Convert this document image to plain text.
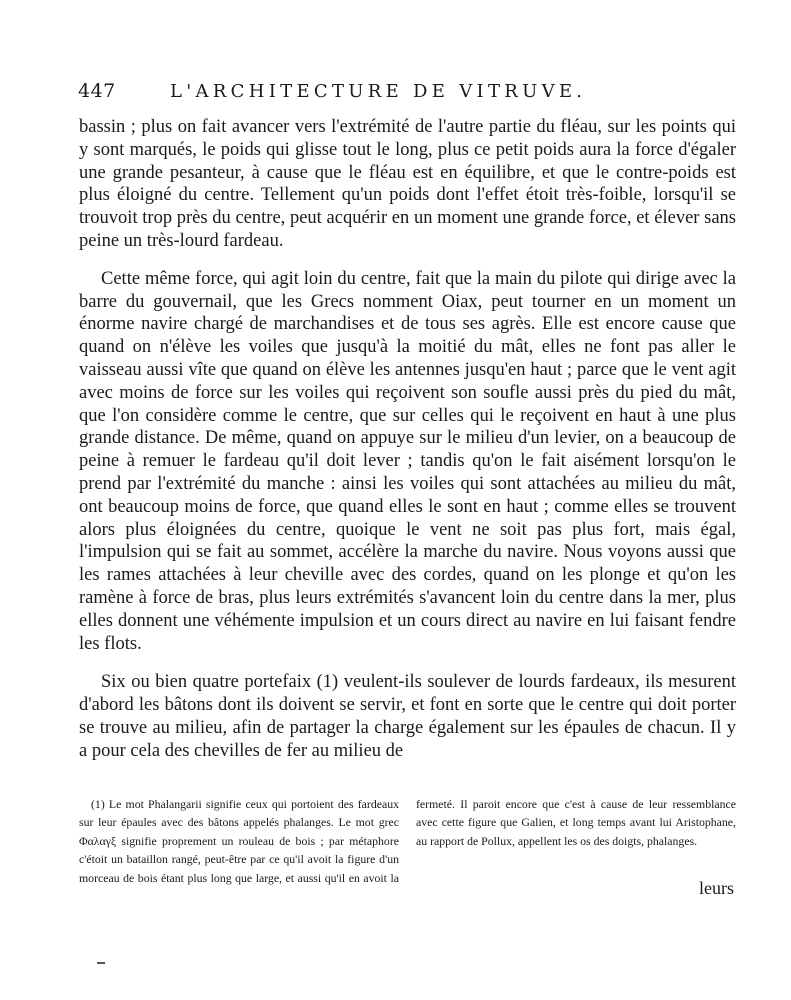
447	L'ARCHITECTURE DE VITRUVE.

bassin ; plus on fait avancer vers l'extrémité de l'autre partie du fléau, sur les points qui y sont marqués, le poids qui glisse tout le long, plus ce petit poids aura la force d'égaler une grande pesanteur, à cause que le fléau est en équilibre, et que le contre-poids est plus éloigné du centre. Tellement qu'un poids dont l'effet étoit très-foible, lorsqu'il se trouvoit trop près du centre, peut acquérir en un moment une grande force, et élever sans peine un très-lourd fardeau.

Cette même force, qui agit loin du centre, fait que la main du pilote qui dirige avec la barre du gouvernail, que les Grecs nomment Oiax, peut tourner en un moment un énorme navire chargé de marchandises et de tous ses agrès. Elle est encore cause que quand on n'élève les voiles que jusqu'à la moitié du mât, elles ne font pas aller le vaisseau aussi vîte que quand on élève les antennes jusqu'en haut ; parce que le vent agit avec moins de force sur les voiles qui reçoivent son soufle aussi près du pied du mât, que l'on considère comme le centre, que sur celles qui le reçoivent en haut à une plus grande distance. De même, quand on appuye sur le milieu d'un levier, on a beaucoup de peine à remuer le fardeau qu'il doit lever ; tandis qu'on le fait aisément lorsqu'on le prend par l'extrémité du manche : ainsi les voiles qui sont attachées au milieu du mât, ont beaucoup moins de force, que quand elles le sont en haut ; comme elles se trouvent alors plus éloignées du centre, quoique le vent ne soit pas plus fort, mais égal, l'impulsion qui se fait au sommet, accélère la marche du navire. Nous voyons aussi que les rames attachées à leur cheville avec des cordes, quand on les plonge et qu'on les ramène à force de bras, plus leurs extrémités s'avancent loin du centre dans la mer, plus elles donnent une véhémente impulsion et un cours direct au navire en lui faisant fendre les flots.

Six ou bien quatre portefaix (1) veulent-ils soulever de lourds fardeaux, ils mesurent d'abord les bâtons dont ils doivent se servir, et font en sorte que le centre qui doit porter se trouve au milieu, afin de partager la charge également sur les épaules de chacun. Il y a pour cela des chevilles de fer au milieu de

(1) Le mot Phalangarii signifie ceux qui portoient des fardeaux sur leur épaules avec des bâtons appelés phalanges. Le mot grec Φαλαγξ signifie proprement un rouleau de bois ; par métaphore c'étoit un bataillon rangé, peut-être par ce qu'il avoit la figure d'un morceau de bois étant plus long que large, et aussi qu'il en avoit la fermeté. Il paroit encore que c'est à cause de leur ressemblance avec cette figure que Galien, et long temps avant lui Aristophane, au rapport de Pollux, appellent les os des doigts, phalanges.

leurs
